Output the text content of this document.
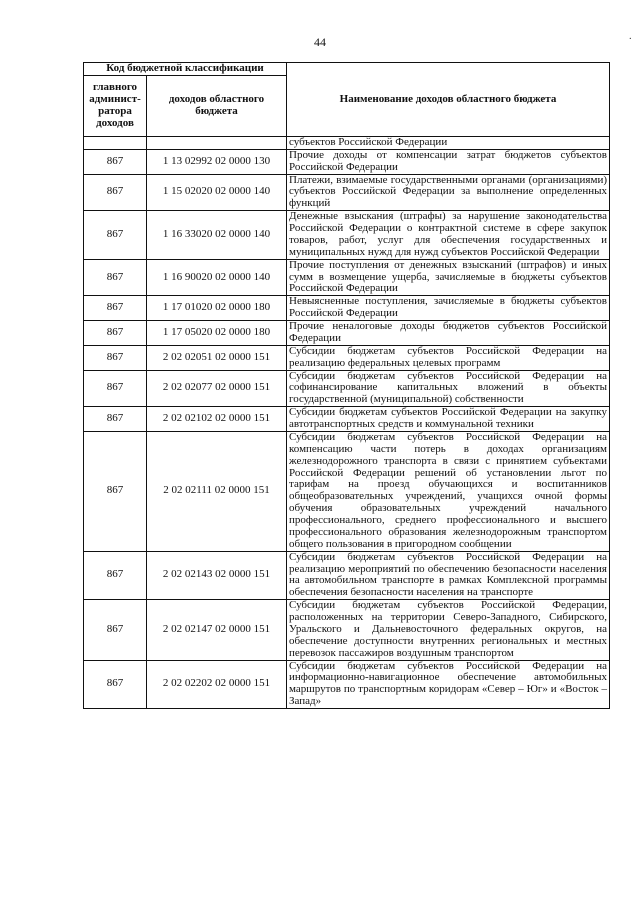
44	·
Код бюджетной классификации		Наименование доходов областного бюджета
главного админист-ратора доходов	доходов областного бюджета	
		субъектов Российской Федерации
867	1 13 02992 02 0000 130	Прочие доходы от компенсации затрат бюджетов субъектов Российской Федерации
867	1 15 02020 02 0000 140	Платежи, взимаемые государственными органами (организациями) субъектов Российской Федерации за выполнение определенных функций
867	1 16 33020 02 0000 140	Денежные взыскания (штрафы) за нарушение законодательства Российской Федерации о контрактной системе в сфере закупок товаров, работ, услуг для обеспечения государственных и муниципальных нужд для нужд субъектов Российской Федерации
867	1 16 90020 02 0000 140	Прочие поступления от денежных взысканий (штрафов) и иных сумм в возмещение ущерба, зачисляемые в бюджеты субъектов Российской Федерации
867	1 17 01020 02 0000 180	Невыясненные поступления, зачисляемые в бюджеты субъектов Российской Федерации
867	1 17 05020 02 0000 180	Прочие неналоговые доходы бюджетов субъектов Российской Федерации
867	2 02 02051 02 0000 151	Субсидии бюджетам субъектов Российской Федерации на реализацию федеральных целевых программ
867	2 02 02077 02 0000 151	Субсидии бюджетам субъектов Российской Федерации на софинансирование капитальных вложений в объекты государственной (муниципальной) собственности
867	2 02 02102 02 0000 151	Субсидии бюджетам субъектов Российской Федерации на закупку автотранспортных средств и коммунальной техники
867	2 02 02111 02 0000 151	Субсидии бюджетам субъектов Российской Федерации на компенсацию части потерь в доходах организациям железнодорожного транспорта в связи с принятием субъектами Российской Федерации решений об установлении льгот по тарифам на проезд обучающихся и воспитанников общеобразовательных учреждений, учащихся очной формы обучения образовательных учреждений начального профессионального, среднего профессионального и высшего профессионального образования железнодорожным транспортом общего пользования в пригородном сообщении
867	2 02 02143 02 0000 151	Субсидии бюджетам субъектов Российской Федерации на реализацию мероприятий по обеспечению безопасности населения на автомобильном транспорте в рамках Комплексной программы обеспечения безопасности населения на транспорте
867	2 02 02147 02 0000 151	Субсидии бюджетам субъектов Российской Федерации, расположенных на территории Северо-Западного, Сибирского, Уральского и Дальневосточного федеральных округов, на обеспечение доступности внутренних региональных и местных перевозок пассажиров воздушным транспортом
867	2 02 02202 02 0000 151	Субсидии бюджетам субъектов Российской Федерации на информационно-навигационное обеспечение автомобильных маршрутов по транспортным коридорам «Север – Юг» и «Восток – Запад»
